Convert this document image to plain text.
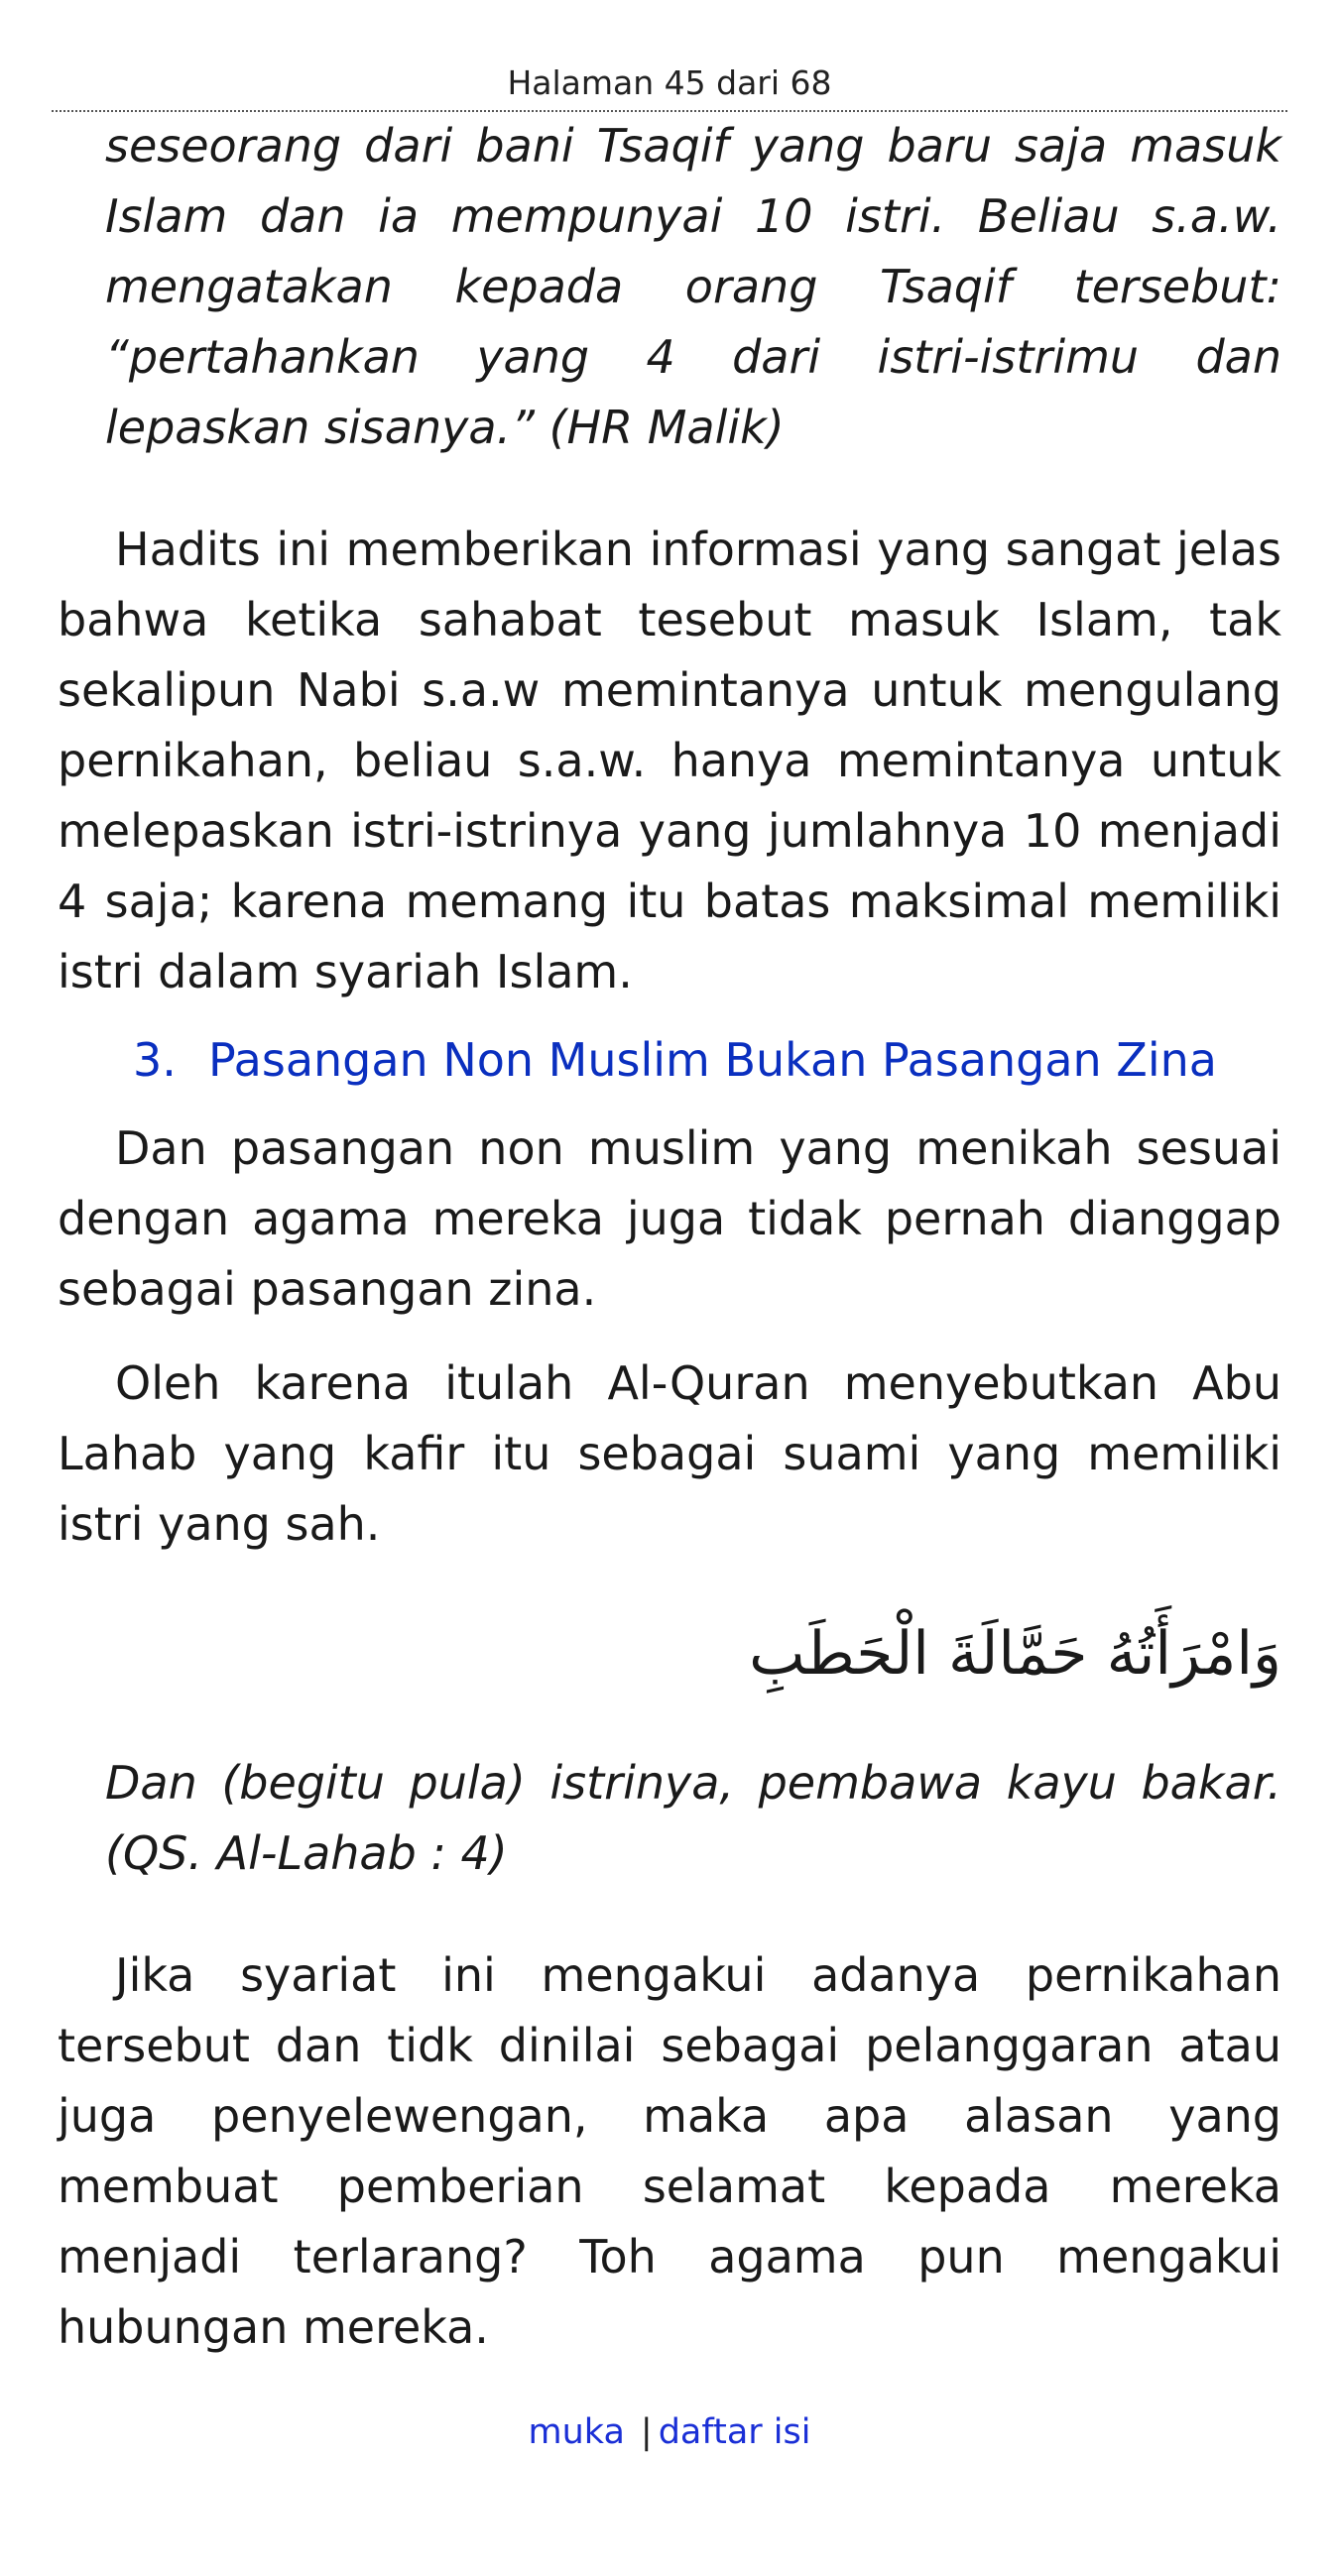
Halaman 45 dari 68

seseorang dari bani Tsaqif yang baru saja masuk Islam dan ia mempunyai 10 istri. Beliau s.a.w. mengatakan kepada orang Tsaqif tersebut: “pertahankan yang 4 dari istri-istrimu dan lepaskan sisanya.” (HR Malik)

Hadits ini memberikan informasi yang sangat jelas bahwa ketika sahabat tesebut masuk Islam, tak sekalipun Nabi s.a.w memintanya untuk mengulang pernikahan, beliau s.a.w. hanya memintanya untuk melepaskan istri-istrinya yang jumlahnya 10 menjadi 4 saja; karena memang itu batas maksimal memiliki istri dalam syariah Islam.

3. Pasangan Non Muslim Bukan Pasangan Zina

Dan pasangan non muslim yang menikah sesuai dengan agama mereka juga tidak pernah dianggap sebagai pasangan zina.

Oleh karena itulah Al-Quran menyebutkan Abu Lahab yang kafir itu sebagai suami yang memiliki istri yang sah.

وَامْرَأَتُهُ حَمَّالَةَ الْحَطَبِ

Dan (begitu pula) istrinya, pembawa kayu bakar. (QS. Al-Lahab : 4)

Jika syariat ini mengakui adanya pernikahan tersebut dan tidk dinilai sebagai pelanggaran atau juga penyelewengan, maka apa alasan yang membuat pemberian selamat kepada mereka menjadi terlarang? Toh agama pun mengakui hubungan mereka.

muka | daftar isi
